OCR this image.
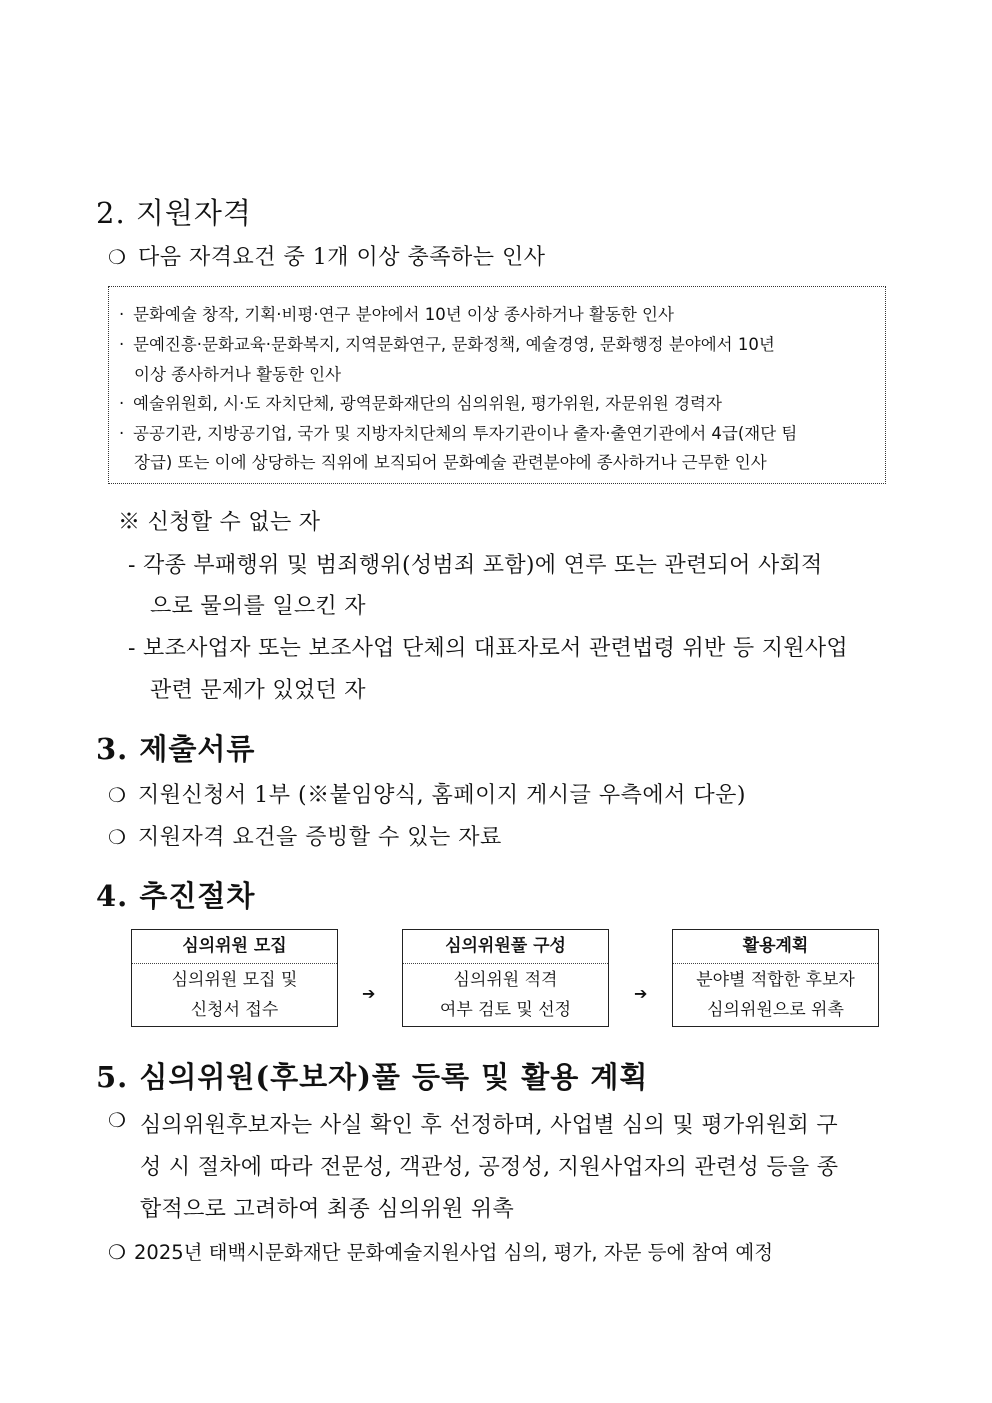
2. 지원자격
❍ 다음 자격요건 중 1개 이상 충족하는 인사
· 문화예술 창작, 기획·비평·연구 분야에서 10년 이상 종사하거나 활동한 인사
· 문예진흥·문화교육·문화복지, 지역문화연구, 문화정책, 예술경영, 문화행정 분야에서 10년
이상 종사하거나 활동한 인사
· 예술위원회, 시·도 자치단체, 광역문화재단의 심의위원, 평가위원, 자문위원 경력자
· 공공기관, 지방공기업, 국가 및 지방자치단체의 투자기관이나 출자·출연기관에서 4급(재단 팀
장급) 또는 이에 상당하는 직위에 보직되어 문화예술 관련분야에 종사하거나 근무한 인사
※ 신청할 수 없는 자
- 각종 부패행위 및 범죄행위(성범죄 포함)에 연루 또는 관련되어 사회적
으로 물의를 일으킨 자
- 보조사업자 또는 보조사업 단체의 대표자로서 관련법령 위반 등 지원사업
관련 문제가 있었던 자
3. 제출서류
❍ 지원신청서 1부 (※붙임양식, 홈페이지 게시글 우측에서 다운)
❍ 지원자격 요건을 증빙할 수 있는 자료
4. 추진절차
심의위원 모집
심의위원 모집 및
신청서 접수
➔
심의위원풀 구성
심의위원 적격
여부 검토 및 선정
➔
활용계획
분야별 적합한 후보자
심의위원으로 위촉
5. 심의위원(후보자)풀 등록 및 활용 계획
❍ 심의위원후보자는 사실 확인 후 선정하며, 사업별 심의 및 평가위원회 구
성 시 절차에 따라 전문성, 객관성, 공정성, 지원사업자의 관련성 등을 종
합적으로 고려하여 최종 심의위원 위촉
❍ 2025년 태백시문화재단 문화예술지원사업 심의, 평가, 자문 등에 참여 예정
